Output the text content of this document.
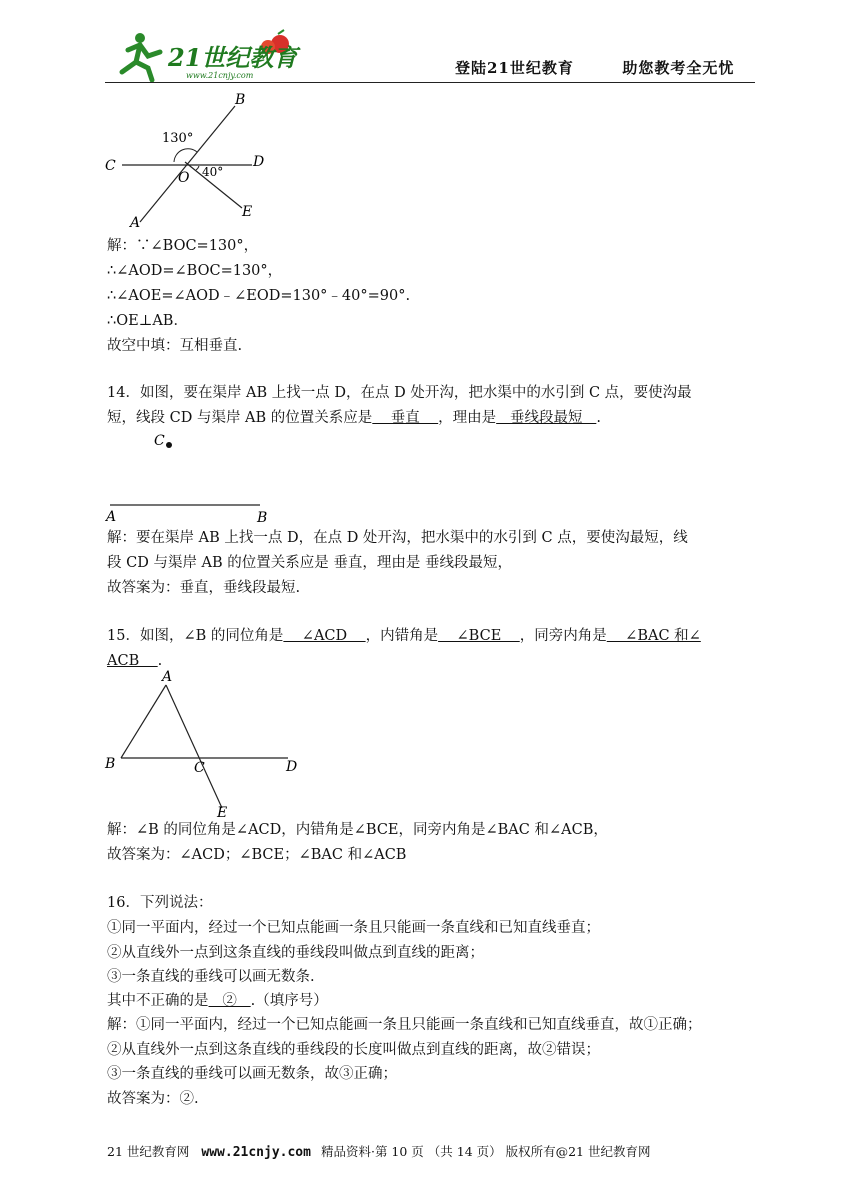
21世纪教育
www.21cnjy.com	登陆21世纪教育	助您教考全无忧
B
C	D
O
A
E
130°
40°
解：∵∠BOC=130°，
∴∠AOD=∠BOC=130°，
∴∠AOE=∠AOD﹣∠EOD=130°﹣40°=90°.
∴OE⊥AB．
故空中填：互相垂直.
14．如图，要在渠岸 AB 上找一点 D，在点 D 处开沟，把水渠中的水引到 C 点，要使沟最
短，线段 CD 与渠岸 AB 的位置关系应是    垂直    ，理由是   垂线段最短   .
C
A	B
解：要在渠岸 AB 上找一点 D，在点 D 处开沟，把水渠中的水引到 C 点，要使沟最短，线
段 CD 与渠岸 AB 的位置关系应是 垂直，理由是 垂线段最短，
故答案为：垂直，垂线段最短.
15．如图，∠B 的同位角是    ∠ACD    ，内错角是    ∠BCE    ，同旁内角是    ∠BAC 和∠
ACB    .
A
B	C	D
E
解：∠B 的同位角是∠ACD，内错角是∠BCE，同旁内角是∠BAC 和∠ACB，
故答案为：∠ACD；∠BCE；∠BAC 和∠ACB
16．下列说法：
①同一平面内，经过一个已知点能画一条且只能画一条直线和已知直线垂直；
②从直线外一点到这条直线的垂线段叫做点到直线的距离；
③一条直线的垂线可以画无数条.
其中不正确的是   ②   .（填序号）
解：①同一平面内，经过一个已知点能画一条且只能画一条直线和已知直线垂直，故①正确；
②从直线外一点到这条直线的垂线段的长度叫做点到直线的距离，故②错误；
③一条直线的垂线可以画无数条，故③正确；
故答案为：②.
21 世纪教育网 www.21cnjy.com 精品资料·第 10 页 （共 14 页） 版权所有@21 世纪教育网
